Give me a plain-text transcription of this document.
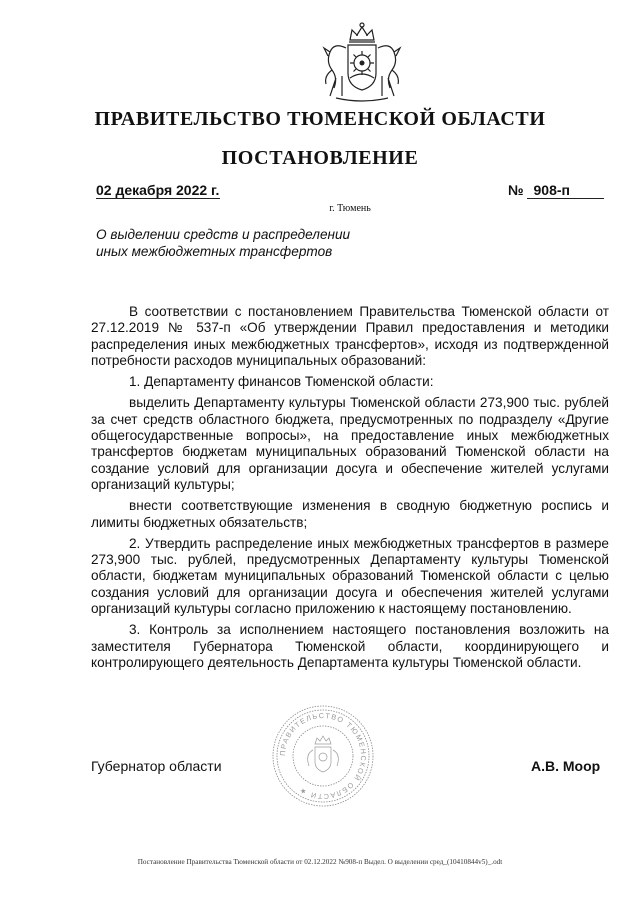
ПРАВИТЕЛЬСТВО ТЮМЕНСКОЙ ОБЛАСТИ
ПОСТАНОВЛЕНИЕ
02 декабря 2022 г.	№ 908-п
г. Тюмень
О выделении средств и распределении
иных межбюджетных трансфертов

В соответствии с постановлением Правительства Тюменской области от 27.12.2019 № 537-п «Об утверждении Правил предоставления и методики распределения иных межбюджетных трансфертов», исходя из подтвержденной потребности расходов муниципальных образований:

1. Департаменту финансов Тюменской области:

выделить Департаменту культуры Тюменской области 273,900 тыс. рублей за счет средств областного бюджета, предусмотренных по подразделу «Другие общегосударственные вопросы», на предоставление иных межбюджетных трансфертов бюджетам муниципальных образований Тюменской области на создание условий для организации досуга и обеспечение жителей услугами организаций культуры;

внести соответствующие изменения в сводную бюджетную роспись и лимиты бюджетных обязательств;

2. Утвердить распределение иных межбюджетных трансфертов в размере 273,900 тыс. рублей, предусмотренных Департаменту культуры Тюменской области, бюджетам муниципальных образований Тюменской области с целью создания условий для организации досуга и обеспечения жителей услугами организаций культуры согласно приложению к настоящему постановлению.

3. Контроль за исполнением настоящего постановления возложить на заместителя Губернатора Тюменской области, координирующего и контролирующего деятельность Департамента культуры Тюменской области.

ПРАВИТЕЛЬСТВО ТЮМЕНСКОЙ ОБЛАСТИ ★
Губернатор области	А.В. Моор
Постановление Правительства Тюменской области от 02.12.2022 №908-п Выдел. О выделении сред_(10410844v5)_.odt
